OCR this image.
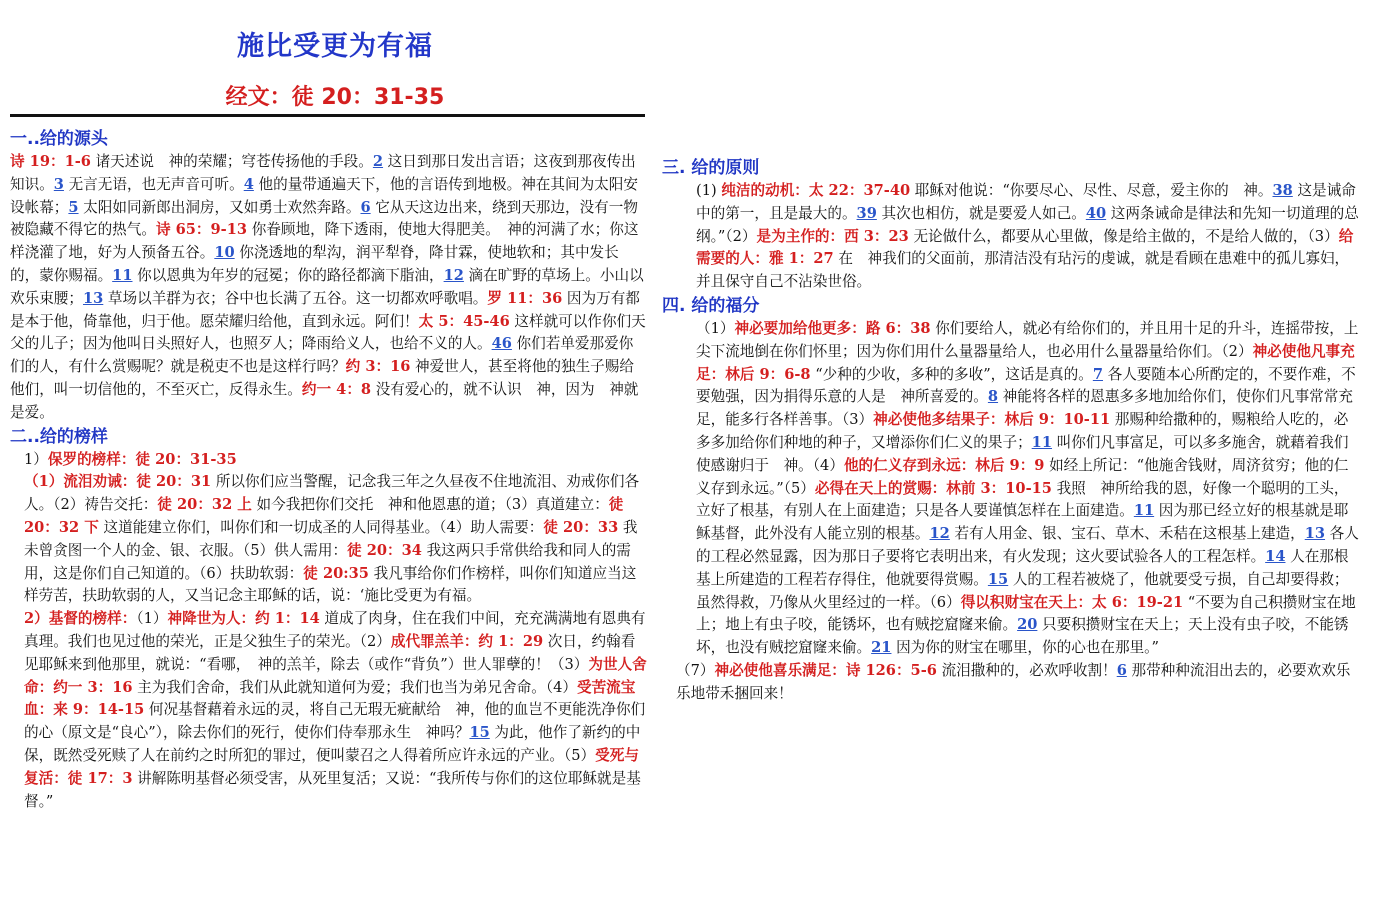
施比受更为有福
经文：徒 20：31-35
一..给的源头

诗 19：1-6 诸天述说　神的荣耀；穹苍传扬他的手段。2 这日到那日发出言语；这夜到那夜传出知识。3 无言无语，也无声音可听。4 他的量带通遍天下，他的言语传到地极。神在其间为太阳安设帐幕；5 太阳如同新郎出洞房，又如勇士欢然奔路。6 它从天这边出来，绕到天那边，没有一物被隐藏不得它的热气。诗 65：9-13 你眷顾地，降下透雨，使地大得肥美。　神的河满了水；你这样浇灌了地，好为人预备五谷。10 你浇透地的犁沟，润平犁脊，降甘霖，使地软和；其中发长的，蒙你赐福。11 你以恩典为年岁的冠冕；你的路径都滴下脂油，12 滴在旷野的草场上。小山以欢乐束腰；13 草场以羊群为衣；谷中也长满了五谷。这一切都欢呼歌唱。罗 11：36 因为万有都是本于他，倚靠他，归于他。愿荣耀归给他，直到永远。阿们！太 5：45-46 这样就可以作你们天父的儿子；因为他叫日头照好人，也照歹人；降雨给义人，也给不义的人。46 你们若单爱那爱你们的人，有什么赏赐呢？就是税吏不也是这样行吗？约 3：16 神爱世人，甚至将他的独生子赐给他们，叫一切信他的，不至灭亡，反得永生。约一 4：8 没有爱心的，就不认识　神，因为　神就是爱。

二..给的榜样

1）保罗的榜样：徒 20：31-35

（1）流泪劝诫：徒 20：31 所以你们应当警醒，记念我三年之久昼夜不住地流泪、劝戒你们各人。（2）祷告交托：徒 20：32 上 如今我把你们交托　神和他恩惠的道；（3）真道建立：徒 20：32 下 这道能建立你们，叫你们和一切成圣的人同得基业。（4）助人需要：徒 20：33 我未曾贪图一个人的金、银、衣服。（5）供人需用：徒 20：34 我这两只手常供给我和同人的需用，这是你们自己知道的。（6）扶助软弱：徒 20:35 我凡事给你们作榜样，叫你们知道应当这样劳苦，扶助软弱的人，又当记念主耶稣的话，说：‘施比受更为有福。

2）基督的榜样：（1）神降世为人：约 1：14 道成了肉身，住在我们中间，充充满满地有恩典有真理。我们也见过他的荣光，正是父独生子的荣光。（2）成代罪羔羊：约 1：29 次日，约翰看见耶稣来到他那里，就说：“看哪，　神的羔羊，除去（或作“背负”）世人罪孽的！（3）为世人舍命：约一 3：16 主为我们舍命，我们从此就知道何为爱；我们也当为弟兄舍命。（4）受苦流宝血：来 9：14-15 何况基督藉着永远的灵，将自己无瑕无疵献给　神，他的血岂不更能洗净你们的心（原文是“良心”），除去你们的死行，使你们侍奉那永生　神吗？15 为此，他作了新约的中保，既然受死赎了人在前约之时所犯的罪过，便叫蒙召之人得着所应许永远的产业。（5）受死与复活：徒 17：3 讲解陈明基督必须受害，从死里复活；又说：“我所传与你们的这位耶稣就是基督。”

三. 给的原则

(1) 纯洁的动机：太 22：37-40 耶稣对他说：“你要尽心、尽性、尽意，爱主你的　神。38 这是诫命中的第一，且是最大的。39 其次也相仿，就是要爱人如己。40 这两条诫命是律法和先知一切道理的总纲。”（2）是为主作的：西 3：23 无论做什么，都要从心里做，像是给主做的，不是给人做的，（3）给需要的人：雅 1：27 在　神我们的父面前，那清洁没有玷污的虔诚，就是看顾在患难中的孤儿寡妇，并且保守自己不沾染世俗。

四. 给的福分

（1）神必要加给他更多：路 6：38 你们要给人，就必有给你们的，并且用十足的升斗，连摇带按，上尖下流地倒在你们怀里；因为你们用什么量器量给人，也必用什么量器量给你们。（2）神必使他凡事充足：林后 9：6-8 “少种的少收，多种的多收”，这话是真的。7 各人要随本心所酌定的，不要作难，不要勉强，因为捐得乐意的人是　神所喜爱的。8 神能将各样的恩惠多多地加给你们，使你们凡事常常充足，能多行各样善事。（3）神必使他多结果子：林后 9：10-11 那赐种给撒种的，赐粮给人吃的，必多多加给你们种地的种子，又增添你们仁义的果子；11 叫你们凡事富足，可以多多施舍，就藉着我们使感谢归于　神。（4）他的仁义存到永远：林后 9：9 如经上所记：“他施舍钱财，周济贫穷；他的仁义存到永远。”（5）必得在天上的赏赐：林前 3：10-15 我照　神所给我的恩，好像一个聪明的工头，立好了根基，有别人在上面建造；只是各人要谨慎怎样在上面建造。11 因为那已经立好的根基就是耶稣基督，此外没有人能立别的根基。12 若有人用金、银、宝石、草木、禾秸在这根基上建造，13 各人的工程必然显露，因为那日子要将它表明出来，有火发现；这火要试验各人的工程怎样。14 人在那根基上所建造的工程若存得住，他就要得赏赐。15 人的工程若被烧了，他就要受亏损，自己却要得救；虽然得救，乃像从火里经过的一样。（6）得以积财宝在天上：太 6：19-21 “不要为自己积攒财宝在地上；地上有虫子咬，能锈坏，也有贼挖窟窿来偷。20 只要积攒财宝在天上；天上没有虫子咬，不能锈坏，也没有贼挖窟窿来偷。21 因为你的财宝在哪里，你的心也在那里。”

（7）神必使他喜乐满足：诗 126：5-6 流泪撒种的，必欢呼收割！6 那带种种流泪出去的，必要欢欢乐乐地带禾捆回来！
